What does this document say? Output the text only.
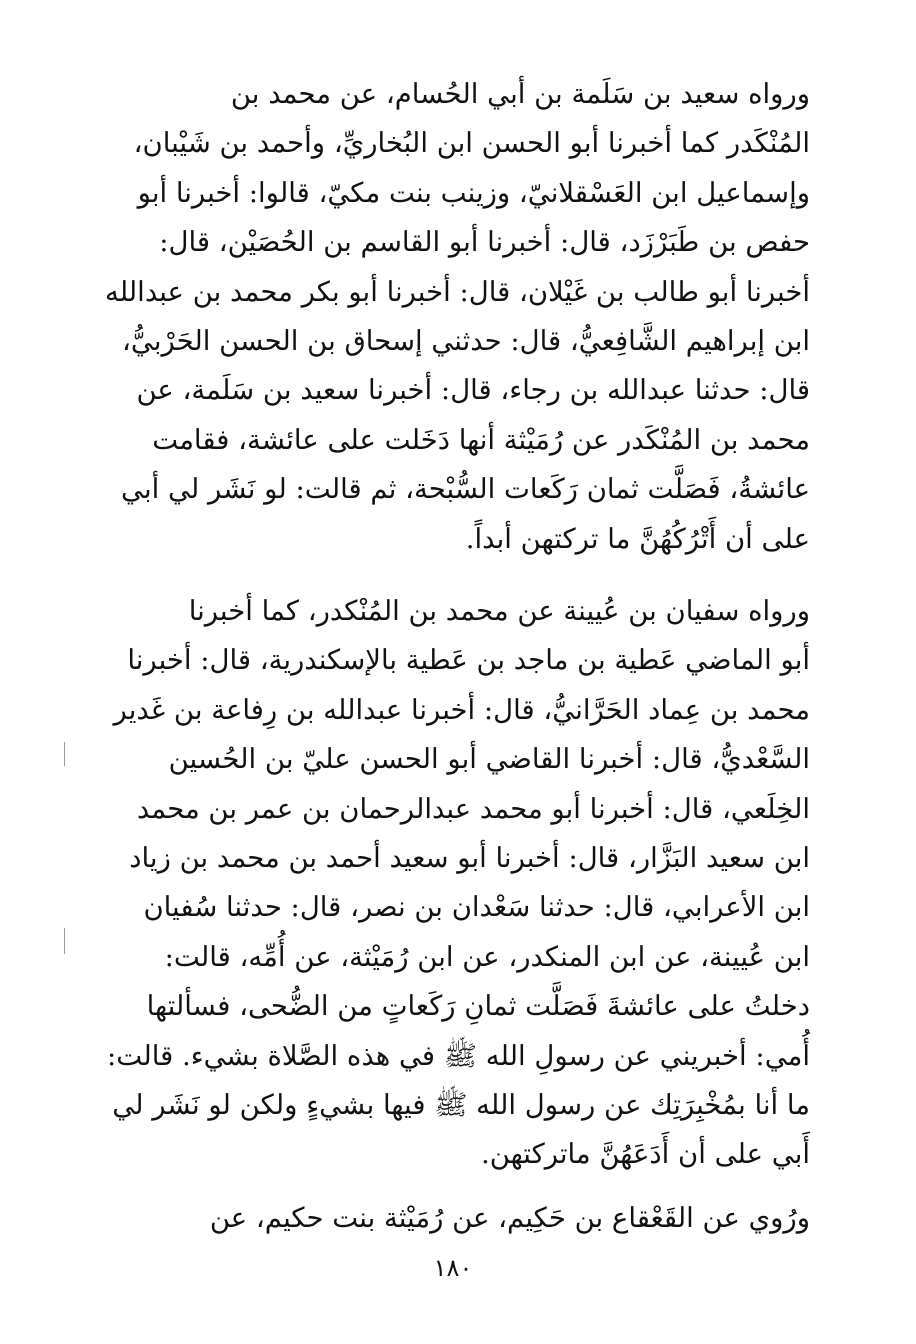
ورواه سعيد بن سَلَمة بن أبي الحُسام، عن محمد بن
المُنْكَدر كما أخبرنا أبو الحسن ابن البُخاريِّ، وأحمد بن شَيْبان،
وإسماعيل ابن العَسْقلانيّ، وزينب بنت مكيّ، قالوا: أخبرنا أبو
حفص بن طَبَرْزَد، قال: أخبرنا أبو القاسم بن الحُصَيْن، قال:
أخبرنا أبو طالب بن غَيْلان، قال: أخبرنا أبو بكر محمد بن عبدالله
ابن إبراهيم الشَّافِعيُّ، قال: حدثني إسحاق بن الحسن الحَرْبيُّ،
قال: حدثنا عبدالله بن رجاء، قال: أخبرنا سعيد بن سَلَمة، عن
محمد بن المُنْكَدر عن رُمَيْثة أنها دَخَلت على عائشة، فقامت
عائشةُ، فَصَلَّت ثمان رَكَعات السُّبْحة، ثم قالت: لو نَشَر لي أبي
على أن أَتْرُكُهُنَّ ما تركتهن أبداً.

ورواه سفيان بن عُيينة عن محمد بن المُنْكدر، كما أخبرنا
أبو الماضي عَطية بن ماجد بن عَطية بالإسكندرية، قال: أخبرنا
محمد بن عِماد الحَرَّانيُّ، قال: أخبرنا عبدالله بن رِفاعة بن غَدير
السَّعْديُّ، قال: أخبرنا القاضي أبو الحسن عليّ بن الحُسين
الخِلَعي، قال: أخبرنا أبو محمد عبدالرحمان بن عمر بن محمد
ابن سعيد البَزَّار، قال: أخبرنا أبو سعيد أحمد بن محمد بن زياد
ابن الأعرابي، قال: حدثنا سَعْدان بن نصر، قال: حدثنا سُفيان
ابن عُيينة، عن ابن المنكدر، عن ابن رُمَيْثة، عن أُمِّه، قالت:
دخلتُ على عائشةَ فَصَلَّت ثمانِ رَكَعاتٍ من الضُّحى، فسألتها
أُمي: أخبريني عن رسولِ الله ﷺ في هذه الصَّلاة بشيء. قالت:
ما أنا بمُخْبِرَتِك عن رسول الله ﷺ فيها بشيءٍ ولكن لو نَشَر لي
أَبي على أن أَدَعَهُنَّ ماتركتهن.

ورُوي عن القَعْقاع بن حَكِيم، عن رُمَيْثة بنت حكيم، عن

١٨٠
